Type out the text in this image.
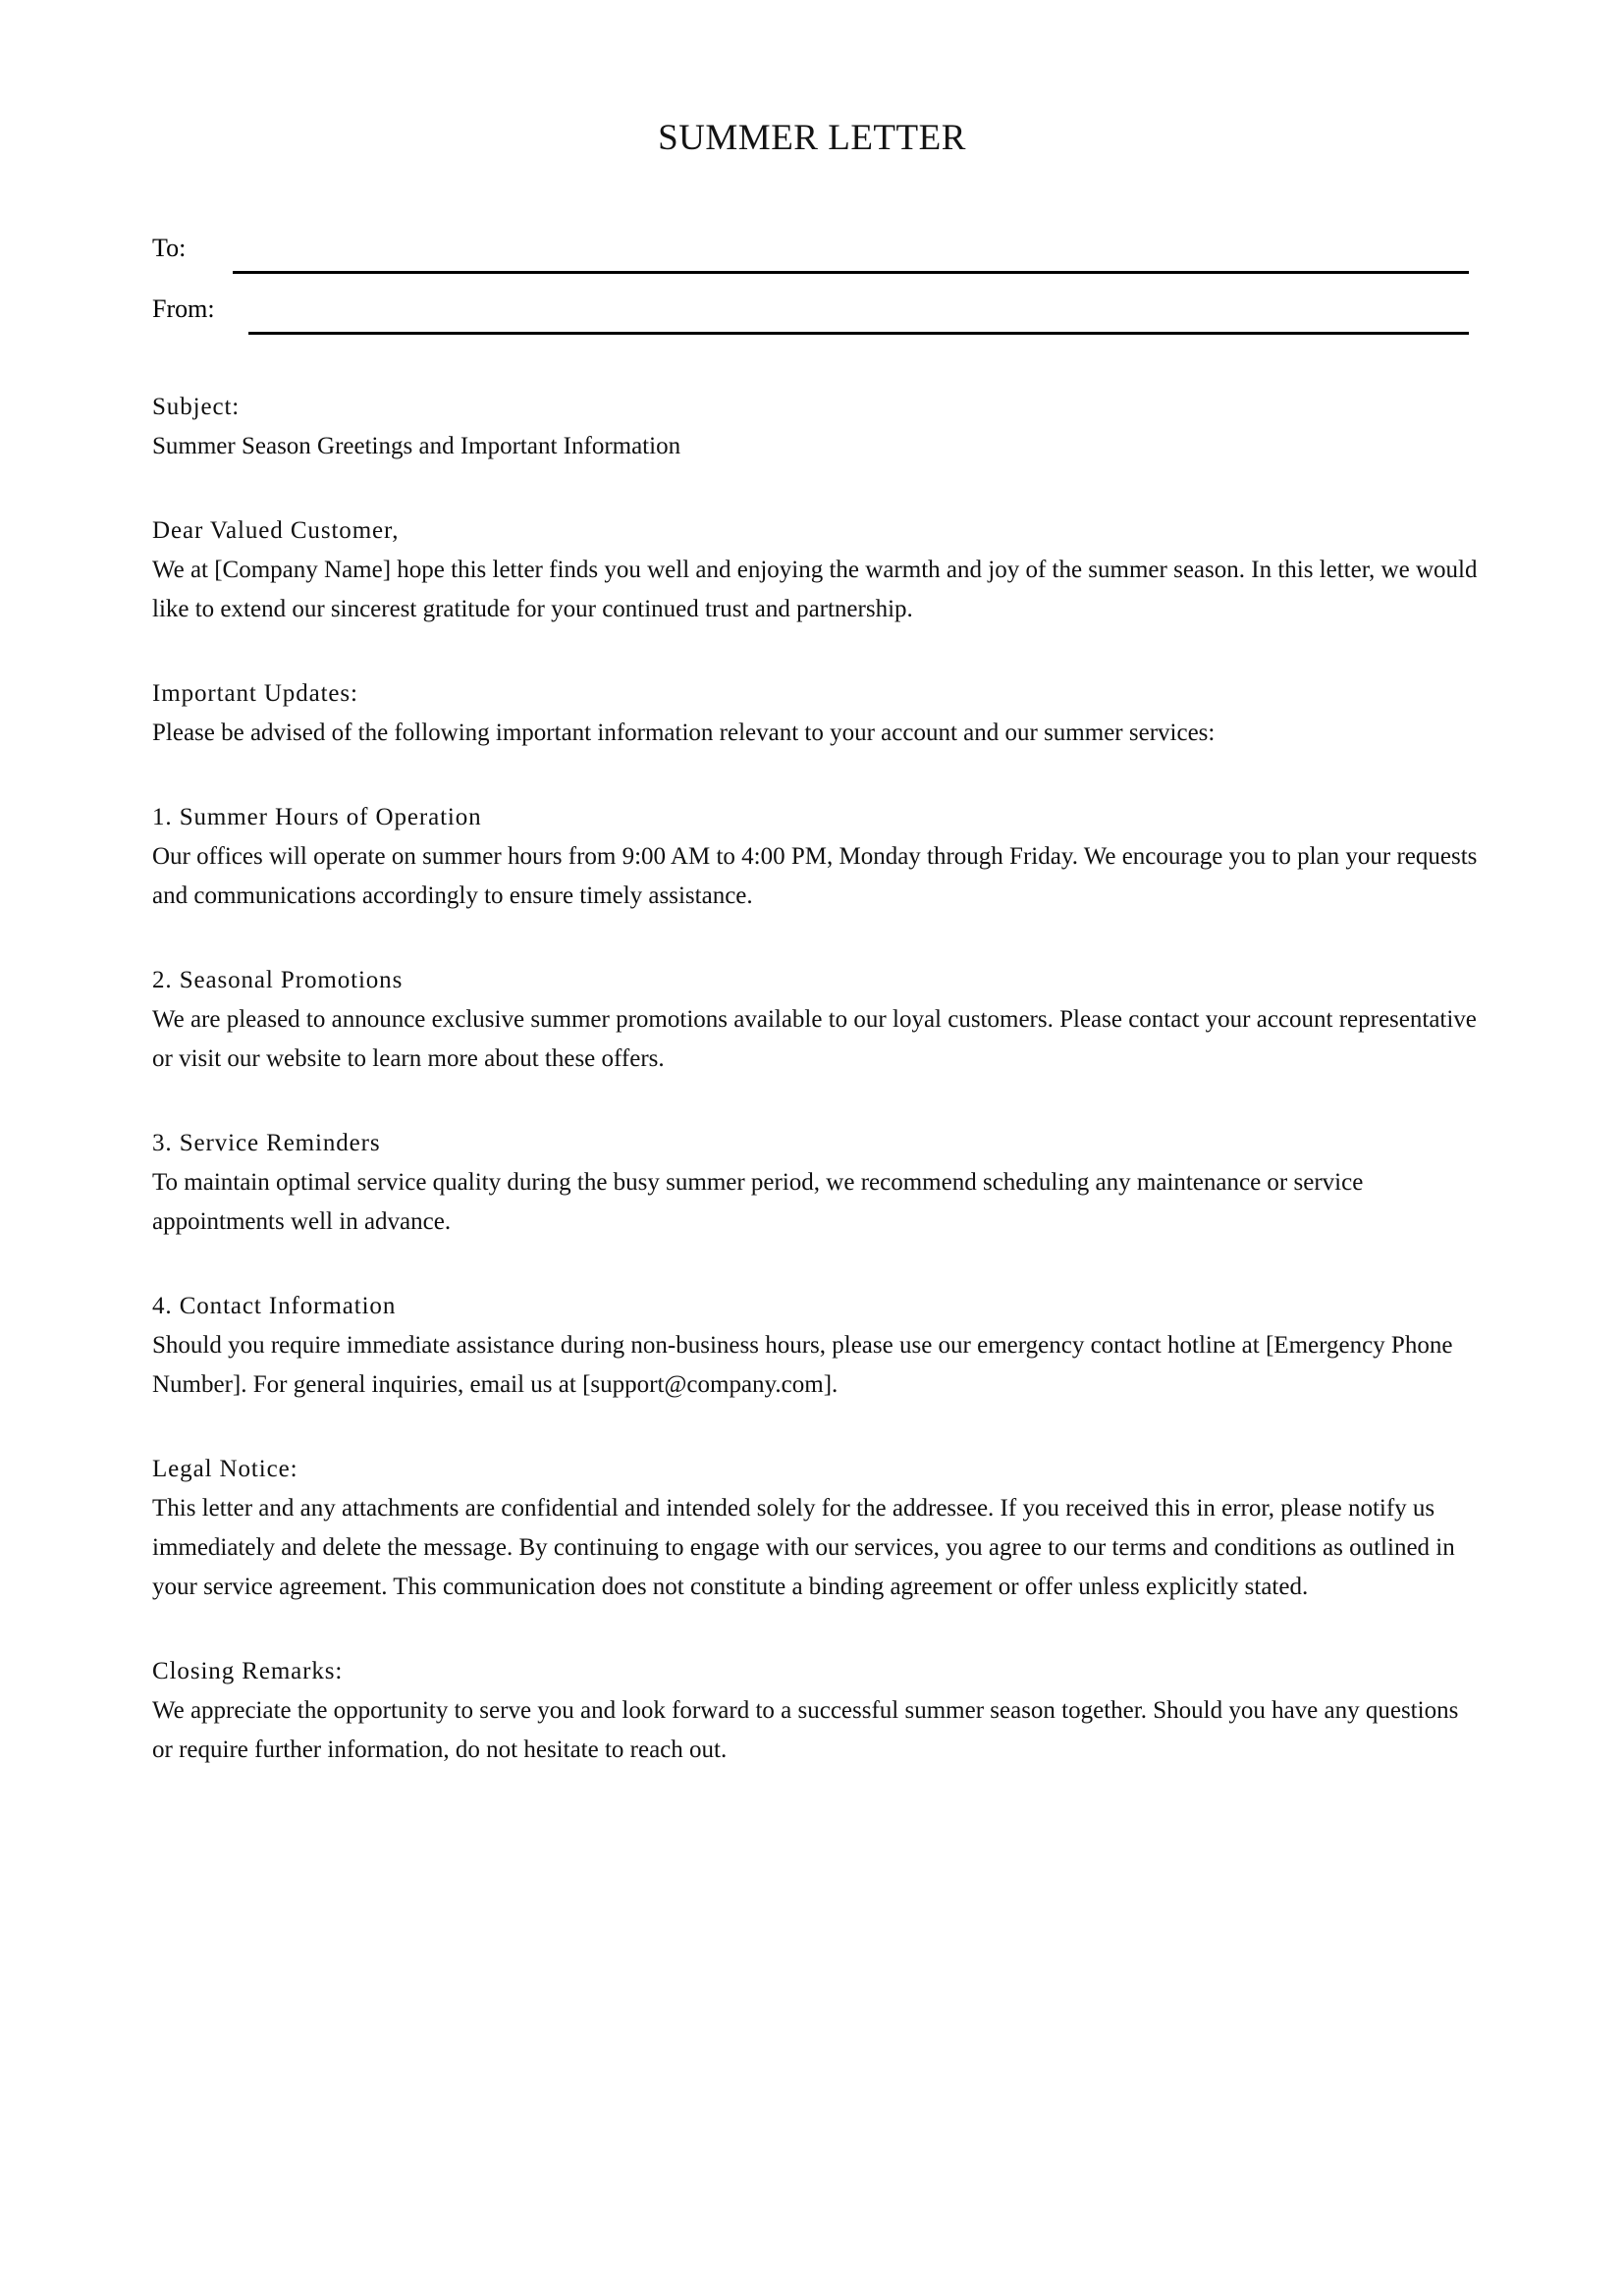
SUMMER LETTER
To:
From:

Subject:

Summer Season Greetings and Important Information

Dear Valued Customer,

We at [Company Name] hope this letter finds you well and enjoying the warmth and joy of the summer season. In this letter, we would like to extend our sincerest gratitude for your continued trust and partnership.

Important Updates:

Please be advised of the following important information relevant to your account and our summer services:

1. Summer Hours of Operation

Our offices will operate on summer hours from 9:00 AM to 4:00 PM, Monday through Friday. We encourage you to plan your requests and communications accordingly to ensure timely assistance.

2. Seasonal Promotions

We are pleased to announce exclusive summer promotions available to our loyal customers. Please contact your account representative or visit our website to learn more about these offers.

3. Service Reminders

To maintain optimal service quality during the busy summer period, we recommend scheduling any maintenance or service appointments well in advance.

4. Contact Information

Should you require immediate assistance during non-business hours, please use our emergency contact hotline at [Emergency Phone Number]. For general inquiries, email us at [support@company.com].

Legal Notice:

This letter and any attachments are confidential and intended solely for the addressee. If you received this in error, please notify us immediately and delete the message. By continuing to engage with our services, you agree to our terms and conditions as outlined in your service agreement. This communication does not constitute a binding agreement or offer unless explicitly stated.

Closing Remarks:

We appreciate the opportunity to serve you and look forward to a successful summer season together. Should you have any questions or require further information, do not hesitate to reach out.
